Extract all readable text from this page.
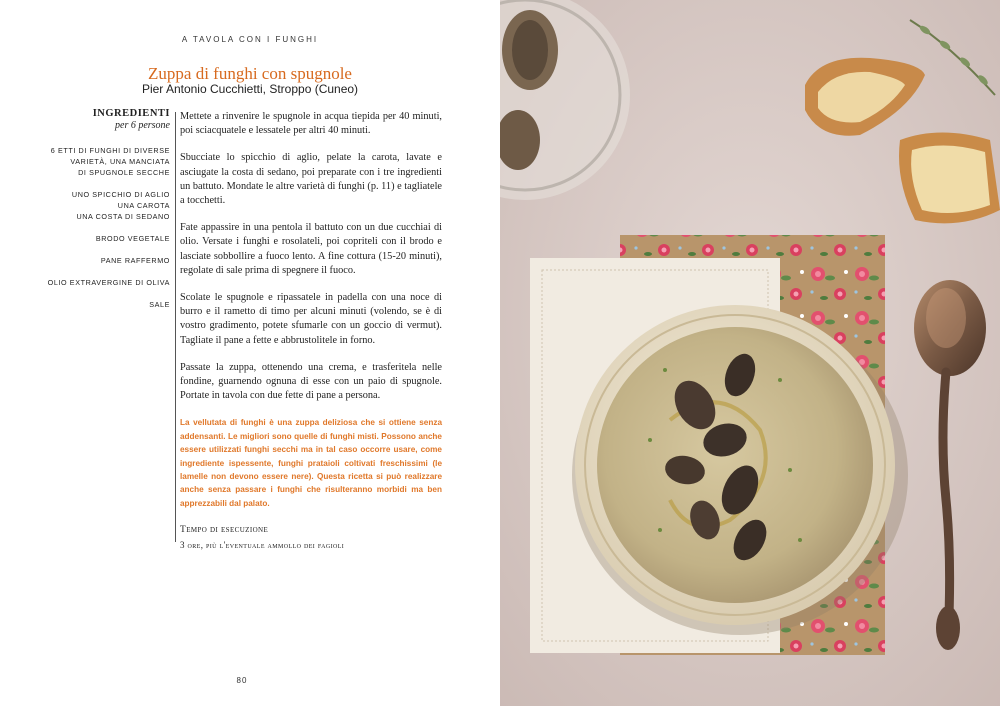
A TAVOLA CON I FUNGHI
Zuppa di funghi con spugnole
Pier Antonio Cucchietti, Stroppo (Cuneo)
INGREDIENTI
per 6 persone
6 ETTI DI FUNGHI DI DIVERSE
VARIETÀ, UNA MANCIATA
DI SPUGNOLE SECCHE
UNO SPICCHIO DI AGLIO
UNA CAROTA
UNA COSTA DI SEDANO
BRODO VEGETALE
PANE RAFFERMO
OLIO EXTRAVERGINE DI OLIVA
SALE

Mettete a rinvenire le spugnole in acqua tiepida per 40 minuti, poi sciacquatele e lessatele per altri 40 minuti.

Sbucciate lo spicchio di aglio, pelate la carota, lavate e asciugate la costa di sedano, poi preparate con i tre ingredienti un battuto. Mondate le altre varietà di funghi (p. 11) e tagliatele a tocchetti.

Fate appassire in una pentola il battuto con un due cucchiai di olio. Versate i funghi e rosolateli, poi copriteli con il brodo e lasciate sobbollire a fuoco lento. A fine cottura (15-20 minuti), regolate di sale prima di spegnere il fuoco.

Scolate le spugnole e ripassatele in padella con una noce di burro e il rametto di timo per alcuni minuti (volendo, se è di vostro gradimento, potete sfumarle con un goccio di vermut). Tagliate il pane a fette e abbrustolitele in forno.

Passate la zuppa, ottenendo una crema, e trasferitela nelle fondine, guarnendo ognuna di esse con un paio di spugnole. Portate in tavola con due fette di pane a persona.

La vellutata di funghi è una zuppa deliziosa che si ottiene senza addensanti. Le migliori sono quelle di funghi misti. Possono anche essere utilizzati funghi secchi ma in tal caso occorre usare, come ingrediente ispessente, funghi prataioli coltivati freschissimi (le lamelle non devono essere nere). Questa ricetta si può realizzare anche senza passare i funghi che risulteranno morbidi ma ben apprezzabili dal palato.

Tempo di esecuzione
3 ore, più l'eventuale ammollo dei fagioli
80
